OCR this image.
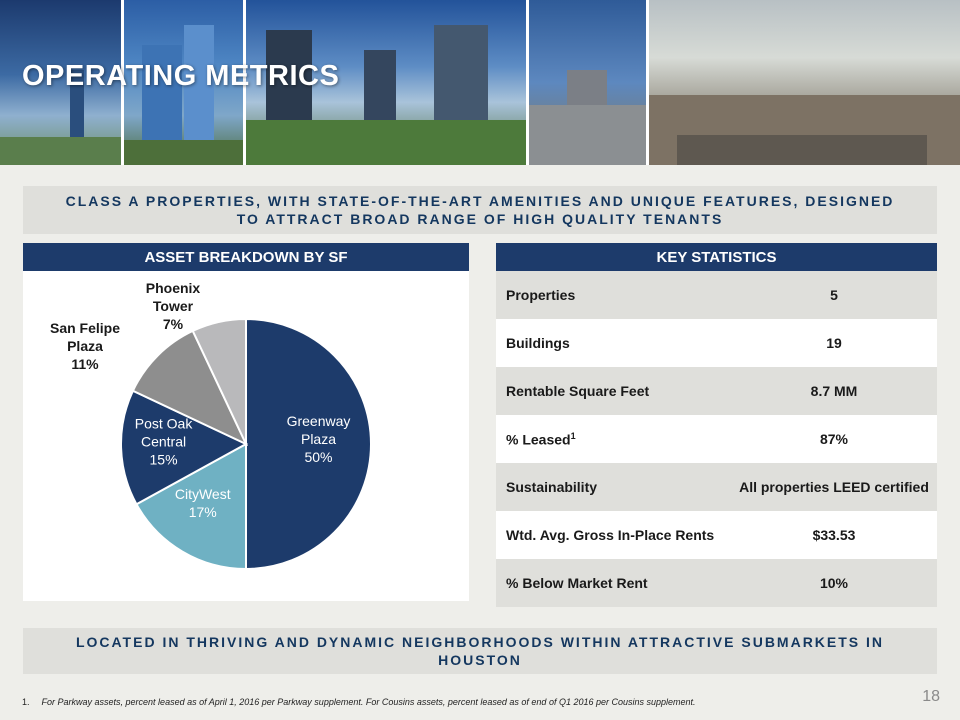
OPERATING METRICS
CLASS A PROPERTIES, WITH STATE-OF-THE-ART AMENITIES AND UNIQUE FEATURES, DESIGNED TO ATTRACT BROAD RANGE OF HIGH QUALITY TENANTS
ASSET BREAKDOWN BY SF	KEY STATISTICS
Greenway Plaza 50%
CityWest 17%
Post Oak Central 15%
San Felipe Plaza 11%
Phoenix Tower 7%
Properties	5
Buildings	19
Rentable Square Feet	8.7 MM
% Leased$^1$	87%
Sustainability	All properties LEED certified
Wtd. Avg. Gross In-Place Rents	$33.53
% Below Market Rent	10%
LOCATED IN THRIVING AND DYNAMIC NEIGHBORHOODS WITHIN ATTRACTIVE SUBMARKETS IN HOUSTON
1. For Parkway assets, percent leased as of April 1, 2016 per Parkway supplement. For Cousins assets, percent leased as of end of Q1 2016 per Cousins supplement.	18
